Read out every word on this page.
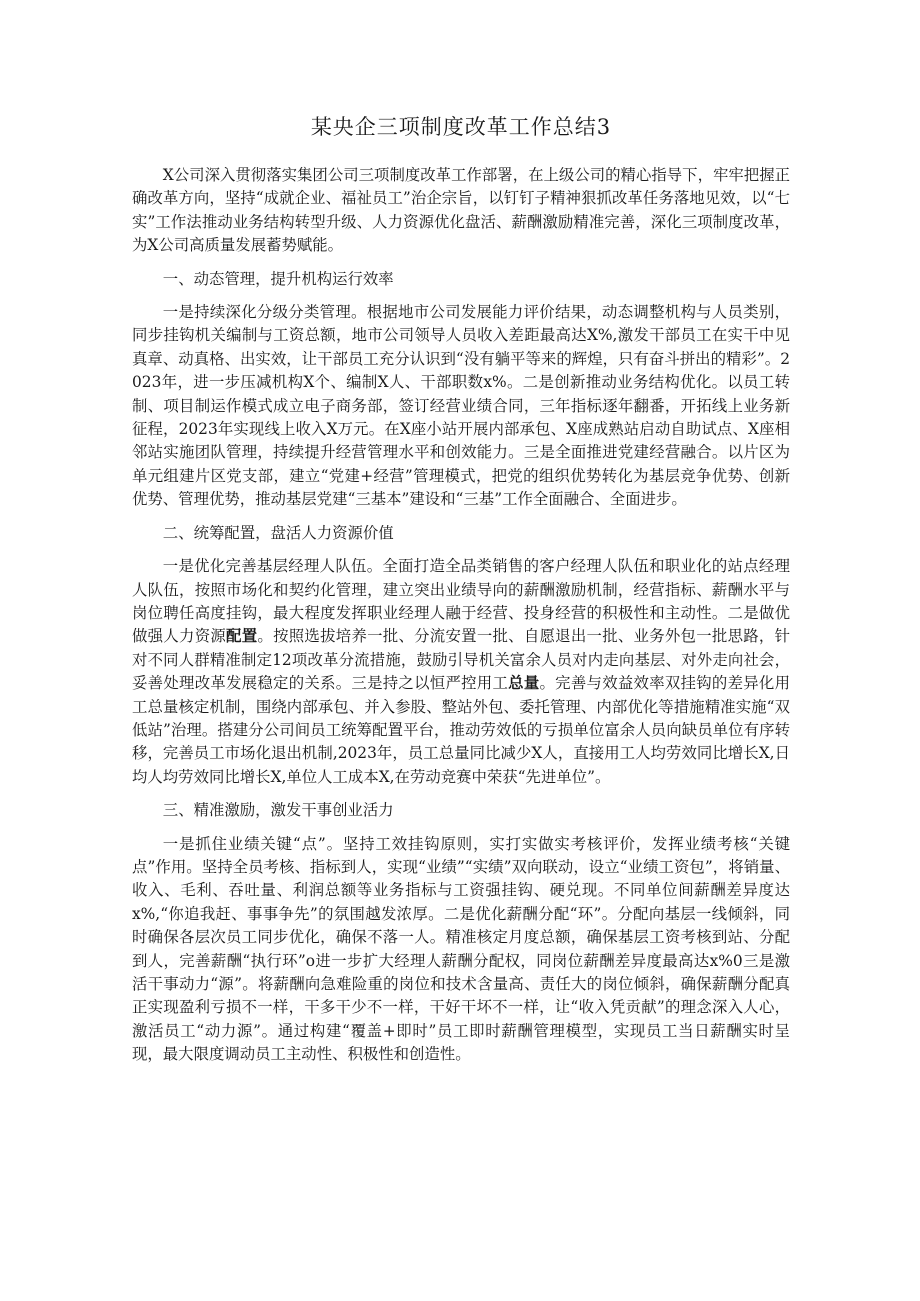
某央企三项制度改革工作总结3

X公司深入贯彻落实集团公司三项制度改革工作部署，在上级公司的精心指导下，牢牢把握正确改革方向，坚持“成就企业、福祉员工”治企宗旨，以钉钉子精神狠抓改革任务落地见效，以“七实”工作法推动业务结构转型升级、人力资源优化盘活、薪酬激励精准完善，深化三项制度改革，为X公司高质量发展蓄势赋能。

一、动态管理，提升机构运行效率

一是持续深化分级分类管理。根据地市公司发展能力评价结果，动态调整机构与人员类别，同步挂钩机关编制与工资总额，地市公司领导人员收入差距最高达X%,激发干部员工在实干中见真章、动真格、出实效，让干部员工充分认识到“没有躺平等来的辉煌，只有奋斗拼出的精彩”。2023年，进一步压减机构X个、编制X人、干部职数x%。二是创新推动业务结构优化。以员工转制、项目制运作模式成立电子商务部，签订经营业绩合同，三年指标逐年翻番，开拓线上业务新征程，2023年实现线上收入X万元。在X座小站开展内部承包、X座成熟站启动自助试点、X座相邻站实施团队管理，持续提升经营管理水平和创效能力。三是全面推进党建经营融合。以片区为单元组建片区党支部，建立“党建+经营”管理模式，把党的组织优势转化为基层竞争优势、创新优势、管理优势，推动基层党建“三基本”建设和“三基”工作全面融合、全面进步。

二、统筹配置，盘活人力资源价值

一是优化完善基层经理人队伍。全面打造全品类销售的客户经理人队伍和职业化的站点经理人队伍，按照市场化和契约化管理，建立突出业绩导向的薪酬激励机制，经营指标、薪酬水平与岗位聘任高度挂钩，最大程度发挥职业经理人融于经营、投身经营的积极性和主动性。二是做优做强人力资源配置。按照选拔培养一批、分流安置一批、自愿退出一批、业务外包一批思路，针对不同人群精准制定12项改革分流措施，鼓励引导机关富余人员对内走向基层、对外走向社会，妥善处理改革发展稳定的关系。三是持之以恒严控用工总量。完善与效益效率双挂钩的差异化用工总量核定机制，围绕内部承包、并入参股、整站外包、委托管理、内部优化等措施精准实施“双低站”治理。搭建分公司间员工统筹配置平台，推动劳效低的亏损单位富余人员向缺员单位有序转移，完善员工市场化退出机制,2023年，员工总量同比减少X人，直接用工人均劳效同比增长X,日均人均劳效同比增长X,单位人工成本X,在劳动竞赛中荣获“先进单位”。

三、精准激励，激发干事创业活力

一是抓住业绩关键“点”。坚持工效挂钩原则，实打实做实考核评价，发挥业绩考核“关键点”作用。坚持全员考核、指标到人，实现“业绩”“实绩”双向联动，设立“业绩工资包”，将销量、收入、毛利、吞吐量、利润总额等业务指标与工资强挂钩、硬兑现。不同单位间薪酬差异度达x%,“你追我赶、事事争先”的氛围越发浓厚。二是优化薪酬分配“环”。分配向基层一线倾斜，同时确保各层次员工同步优化，确保不落一人。精准核定月度总额，确保基层工资考核到站、分配到人，完善薪酬“执行环”o进一步扩大经理人薪酬分配权，同岗位薪酬差异度最高达x%0三是激活干事动力“源”。将薪酬向急难险重的岗位和技术含量高、责任大的岗位倾斜，确保薪酬分配真正实现盈利亏损不一样，干多干少不一样，干好干坏不一样，让“收入凭贡献”的理念深入人心，激活员工“动力源”。通过构建“覆盖+即时”员工即时薪酬管理模型，实现员工当日薪酬实时呈现，最大限度调动员工主动性、积极性和创造性。
